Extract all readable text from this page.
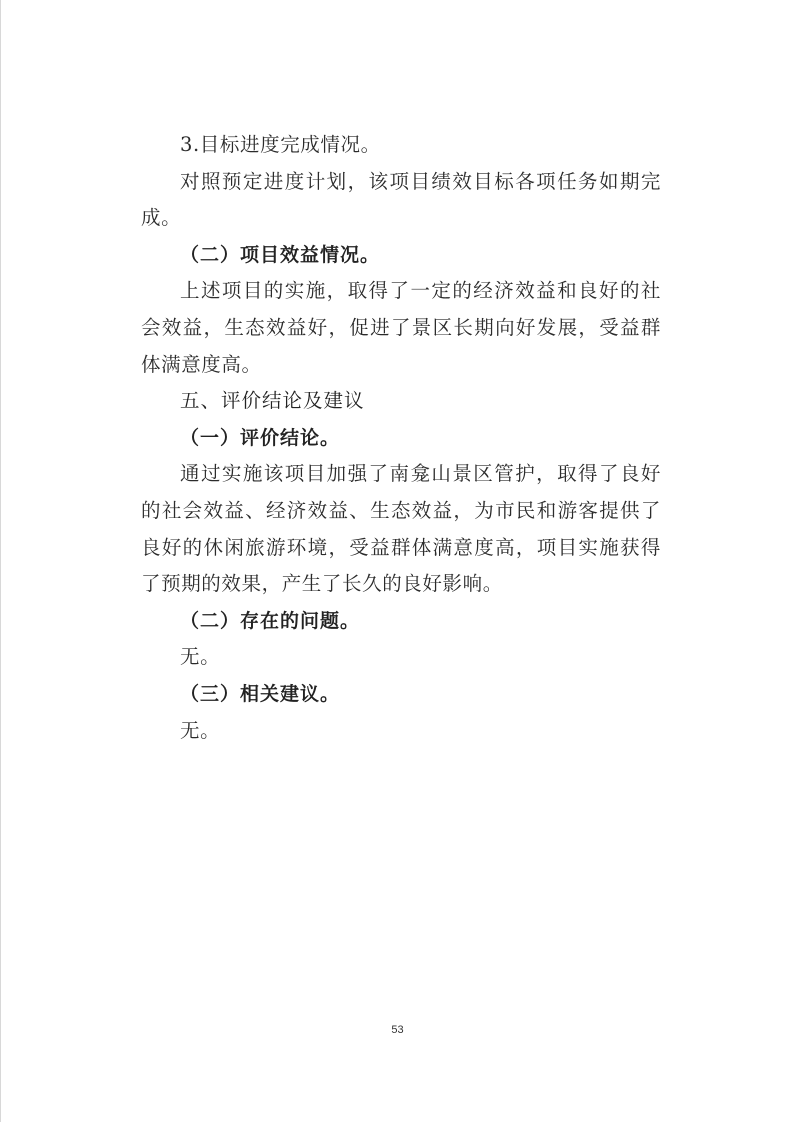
3.目标进度完成情况。

对照预定进度计划，该项目绩效目标各项任务如期完成。

（二）项目效益情况。

上述项目的实施，取得了一定的经济效益和良好的社会效益，生态效益好，促进了景区长期向好发展，受益群体满意度高。

五、评价结论及建议

（一）评价结论。

通过实施该项目加强了南龛山景区管护，取得了良好的社会效益、经济效益、生态效益，为市民和游客提供了良好的休闲旅游环境，受益群体满意度高，项目实施获得了预期的效果，产生了长久的良好影响。

（二）存在的问题。

无。

（三）相关建议。

无。

53
